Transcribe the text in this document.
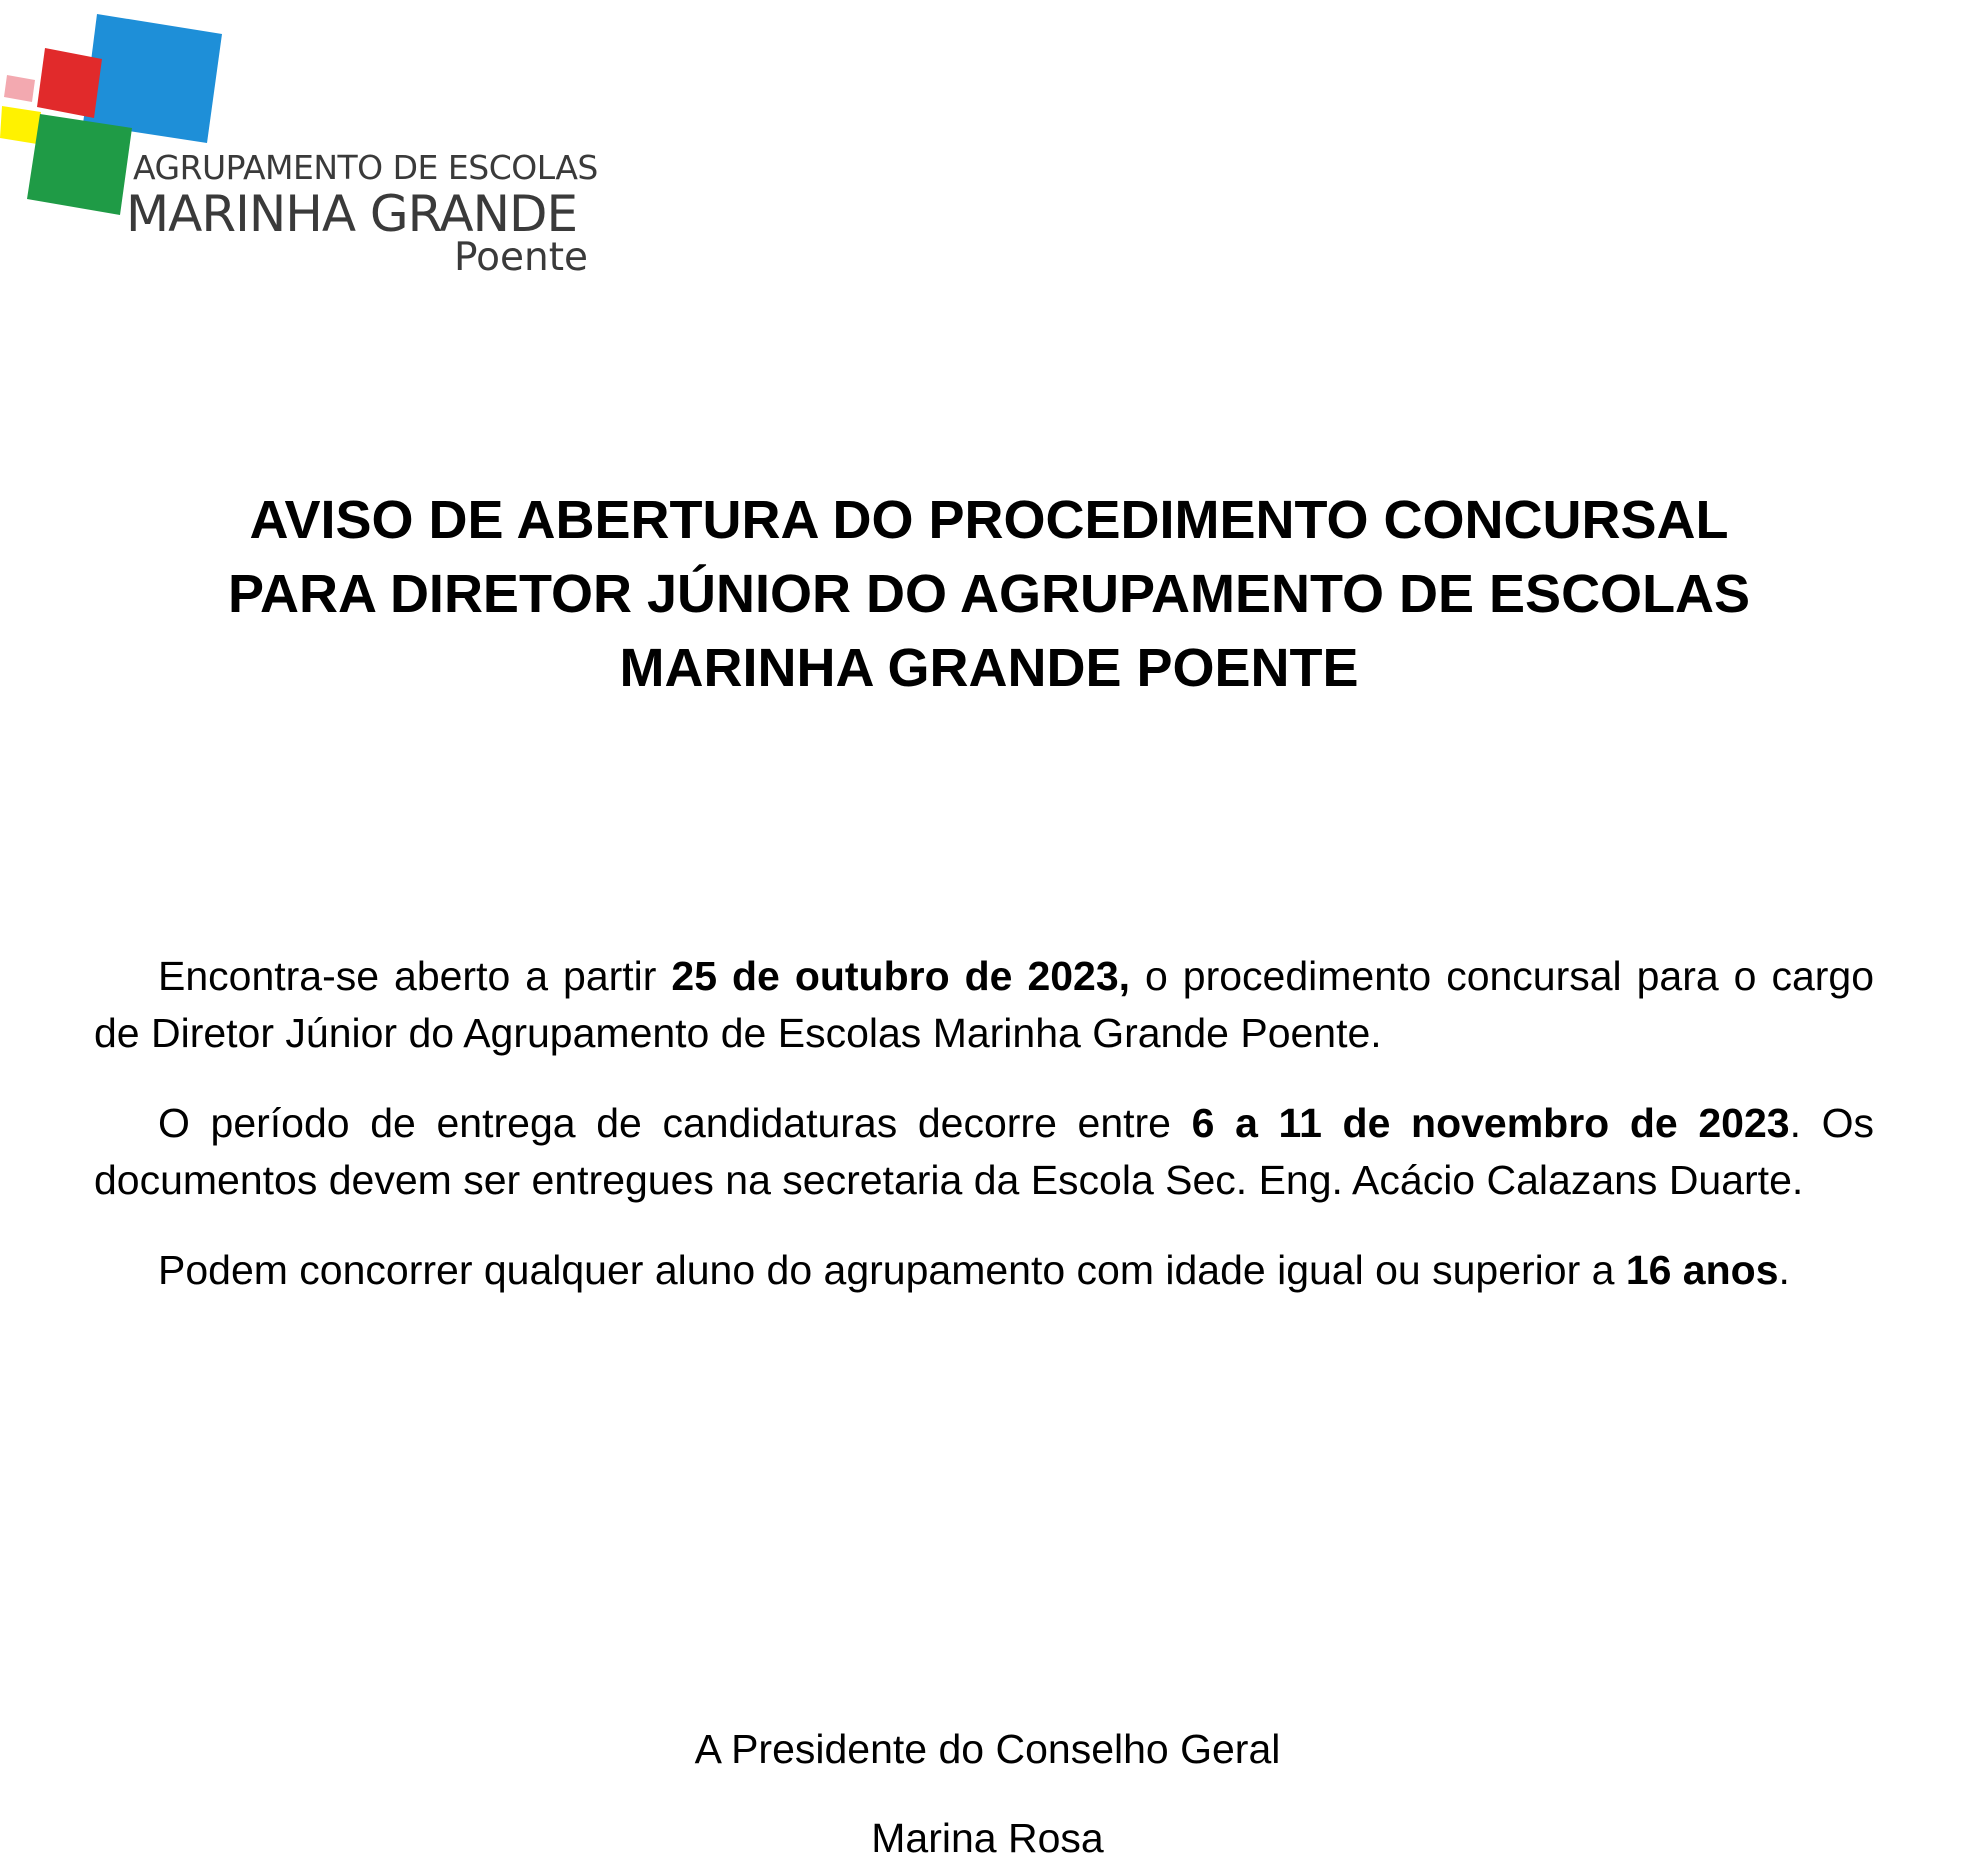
AGRUPAMENTO DE ESCOLAS
MARINHA GRANDE
Poente
AVISO DE ABERTURA DO PROCEDIMENTO CONCURSAL
PARA DIRETOR JÚNIOR DO AGRUPAMENTO DE ESCOLAS
MARINHA GRANDE POENTE

Encontra-se aberto a partir 25 de outubro de 2023, o procedimento concursal para o cargo de Diretor Júnior do Agrupamento de Escolas Marinha Grande Poente.

O período de entrega de candidaturas decorre entre 6 a 11 de novembro de 2023. Os documentos devem ser entregues na secretaria da Escola Sec. Eng. Acácio Calazans Duarte.

Podem concorrer qualquer aluno do agrupamento com idade igual ou superior a 16 anos.

A Presidente do Conselho Geral
Marina Rosa
